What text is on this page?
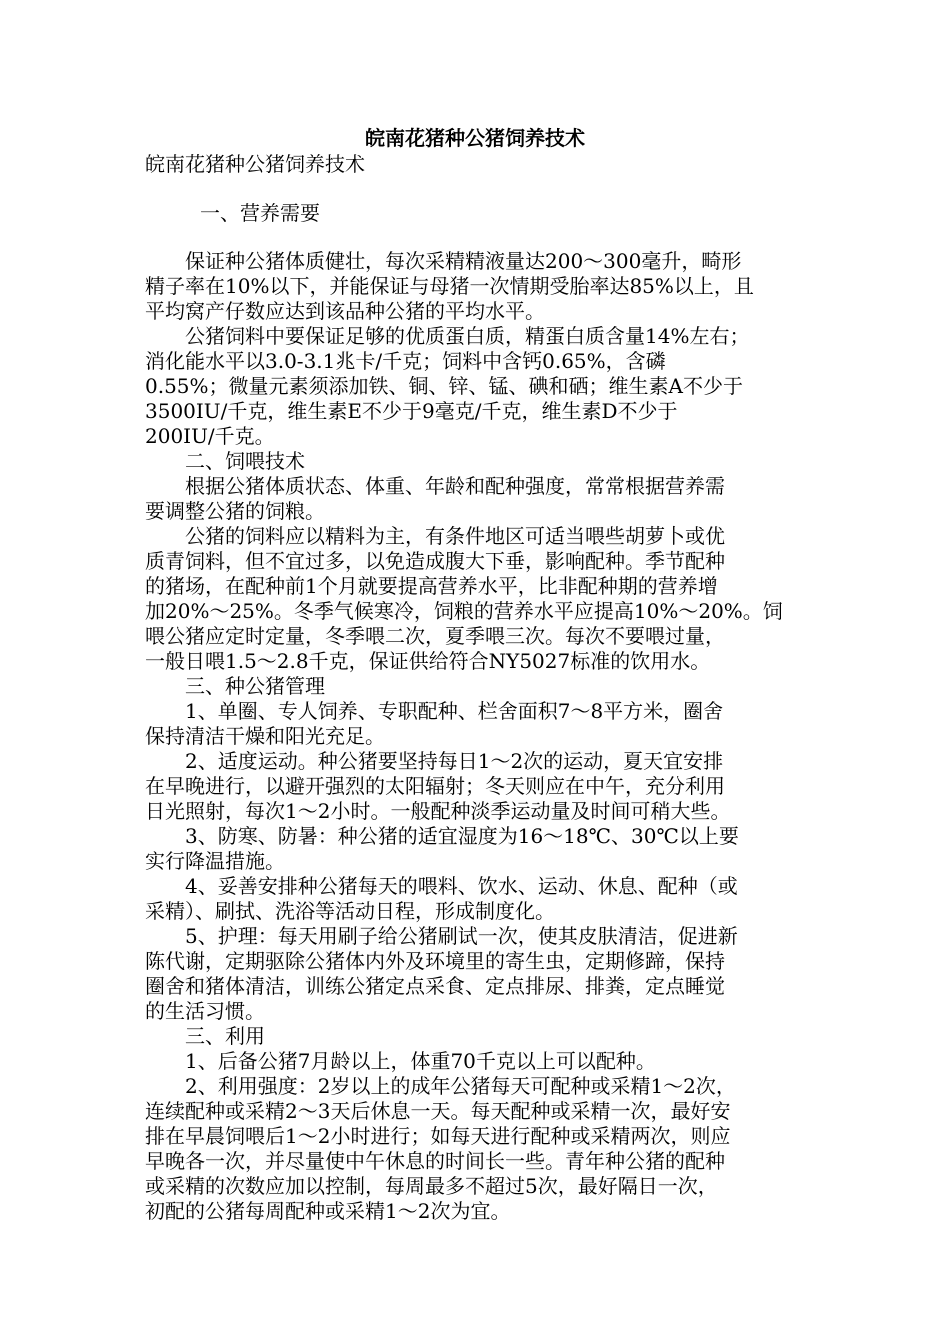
皖南花猪种公猪饲养技术
皖南花猪种公猪饲养技术
一、营养需要
　　保证种公猪体质健壮，每次采精精液量达200～300毫升，畸形
精子率在10%以下，并能保证与母猪一次情期受胎率达85%以上，且
平均窝产仔数应达到该品种公猪的平均水平。
　　公猪饲料中要保证足够的优质蛋白质，精蛋白质含量14%左右；
消化能水平以3.0-3.1兆卡/千克；饲料中含钙0.65%，含磷
0.55%；微量元素须添加铁、铜、锌、锰、碘和硒；维生素A不少于
3500IU/千克，维生素E不少于9毫克/千克，维生素D不少于
200IU/千克。
　　二、饲喂技术
　　根据公猪体质状态、体重、年龄和配种强度，常常根据营养需
要调整公猪的饲粮。
　　公猪的饲料应以精料为主，有条件地区可适当喂些胡萝卜或优
质青饲料，但不宜过多，以免造成腹大下垂，影响配种。季节配种
的猪场，在配种前1个月就要提高营养水平，比非配种期的营养增
加20%～25%。冬季气候寒冷，饲粮的营养水平应提高10%～20%。饲
喂公猪应定时定量，冬季喂二次，夏季喂三次。每次不要喂过量，
一般日喂1.5～2.8千克，保证供给符合NY5027标准的饮用水。
　　三、种公猪管理
　　1、单圈、专人饲养、专职配种、栏舍面积7～8平方米，圈舍
保持清洁干燥和阳光充足。
　　2、适度运动。种公猪要坚持每日1～2次的运动，夏天宜安排
在早晚进行，以避开强烈的太阳辐射；冬天则应在中午，充分利用
日光照射，每次1～2小时。一般配种淡季运动量及时间可稍大些。
　　3、防寒、防暑：种公猪的适宜湿度为16～18℃、30℃以上要
实行降温措施。
　　4、妥善安排种公猪每天的喂料、饮水、运动、休息、配种（或
采精）、刷拭、洗浴等活动日程，形成制度化。
　　5、护理：每天用刷子给公猪刷试一次，使其皮肤清洁，促进新
陈代谢，定期驱除公猪体内外及环境里的寄生虫，定期修蹄，保持
圈舍和猪体清洁，训练公猪定点采食、定点排尿、排粪，定点睡觉
的生活习惯。
　　三、利用
　　1、后备公猪7月龄以上，体重70千克以上可以配种。
　　2、利用强度：2岁以上的成年公猪每天可配种或采精1～2次，
连续配种或采精2～3天后休息一天。每天配种或采精一次，最好安
排在早晨饲喂后1～2小时进行；如每天进行配种或采精两次，则应
早晚各一次，并尽量使中午休息的时间长一些。青年种公猪的配种
或采精的次数应加以控制，每周最多不超过5次，最好隔日一次，
初配的公猪每周配种或采精1～2次为宜。
